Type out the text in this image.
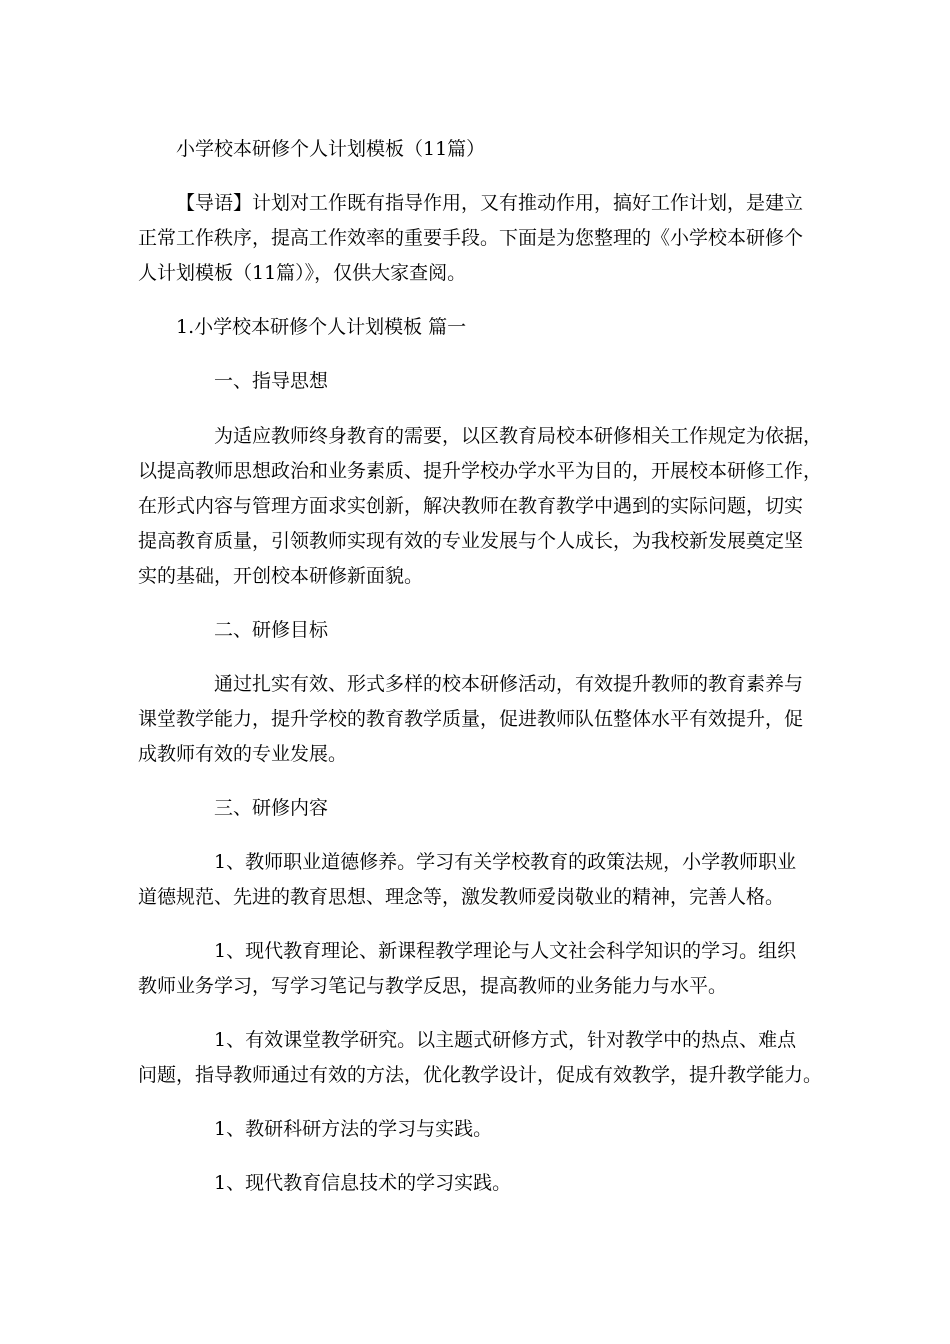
小学校本研修个人计划模板（11篇）
【导语】计划对工作既有指导作用，又有推动作用，搞好工作计划，是建立
正常工作秩序，提高工作效率的重要手段。下面是为您整理的《小学校本研修个
人计划模板（11篇）》，仅供大家查阅。
1.小学校本研修个人计划模板 篇一
一、指导思想
为适应教师终身教育的需要，以区教育局校本研修相关工作规定为依据，
以提高教师思想政治和业务素质、提升学校办学水平为目的，开展校本研修工作，
在形式内容与管理方面求实创新，解决教师在教育教学中遇到的实际问题，切实
提高教育质量，引领教师实现有效的专业发展与个人成长，为我校新发展奠定坚
实的基础，开创校本研修新面貌。
二、研修目标
通过扎实有效、形式多样的校本研修活动，有效提升教师的教育素养与
课堂教学能力，提升学校的教育教学质量，促进教师队伍整体水平有效提升，促
成教师有效的专业发展。
三、研修内容
1、教师职业道德修养。学习有关学校教育的政策法规，小学教师职业
道德规范、先进的教育思想、理念等，激发教师爱岗敬业的精神，完善人格。
1、现代教育理论、新课程教学理论与人文社会科学知识的学习。组织
教师业务学习，写学习笔记与教学反思，提高教师的业务能力与水平。
1、有效课堂教学研究。以主题式研修方式，针对教学中的热点、难点
问题，指导教师通过有效的方法，优化教学设计，促成有效教学，提升教学能力。
1、教研科研方法的学习与实践。
1、现代教育信息技术的学习实践。
